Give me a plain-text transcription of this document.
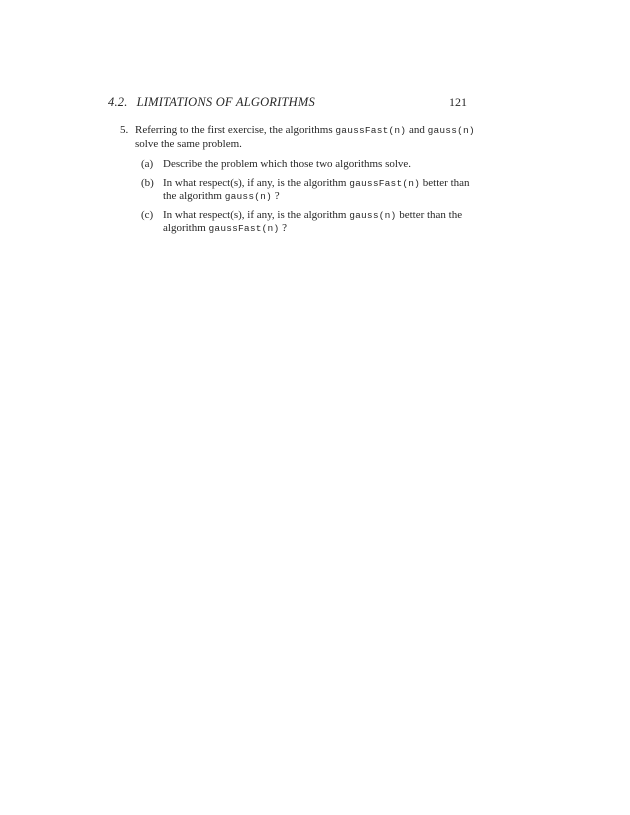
4.2. LIMITATIONS OF ALGORITHMS	121
5. Referring to the first exercise, the algorithms gaussFast(n) and gauss(n)
solve the same problem.
(a) Describe the problem which those two algorithms solve.
(b) In what respect(s), if any, is the algorithm gaussFast(n) better than
the algorithm gauss(n) ?
(c) In what respect(s), if any, is the algorithm gauss(n) better than the
algorithm gaussFast(n) ?
